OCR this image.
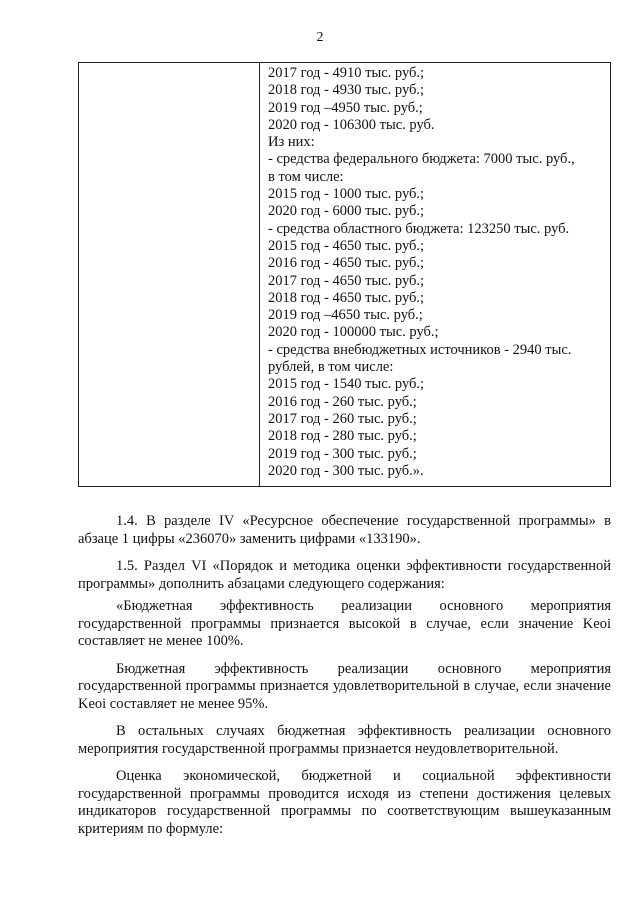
2

2017 год - 4910 тыс. руб.;
2018 год - 4930 тыс. руб.;
2019 год –4950 тыс. руб.;
2020 год - 106300 тыс. руб.
Из них:
- средства федерального бюджета: 7000 тыс. руб.,
в том числе:
2015 год - 1000 тыс. руб.;
2020 год - 6000 тыс. руб.;
- средства областного бюджета: 123250 тыс. руб.
2015 год - 4650 тыс. руб.;
2016 год - 4650 тыс. руб.;
2017 год - 4650 тыс. руб.;
2018 год - 4650 тыс. руб.;
2019 год –4650 тыс. руб.;
2020 год - 100000 тыс. руб.;
- средства внебюджетных источников - 2940 тыс.
рублей, в том числе:
2015 год - 1540 тыс. руб.;
2016 год - 260 тыс. руб.;
2017 год - 260 тыс. руб.;
2018 год - 280 тыс. руб.;
2019 год - 300 тыс. руб.;
2020 год - 300 тыс. руб.».

1.4. В разделе IV «Ресурсное обеспечение государственной программы» в абзаце 1 цифры «236070» заменить цифрами «133190».

1.5. Раздел VI «Порядок и методика оценки эффективности государственной программы» дополнить абзацами следующего содержания:

«Бюджетная эффективность реализации основного мероприятия государственной программы признается высокой в случае, если значение Keoi составляет не менее 100%.

Бюджетная эффективность реализации основного мероприятия государственной программы признается удовлетворительной в случае, если значение Keoi составляет не менее 95%.

В остальных случаях бюджетная эффективность реализации основного мероприятия государственной программы признается неудовлетворительной.

Оценка экономической, бюджетной и социальной эффективности государственной программы проводится исходя из степени достижения целевых индикаторов государственной программы по соответствующим вышеуказанным критериям по формуле:
